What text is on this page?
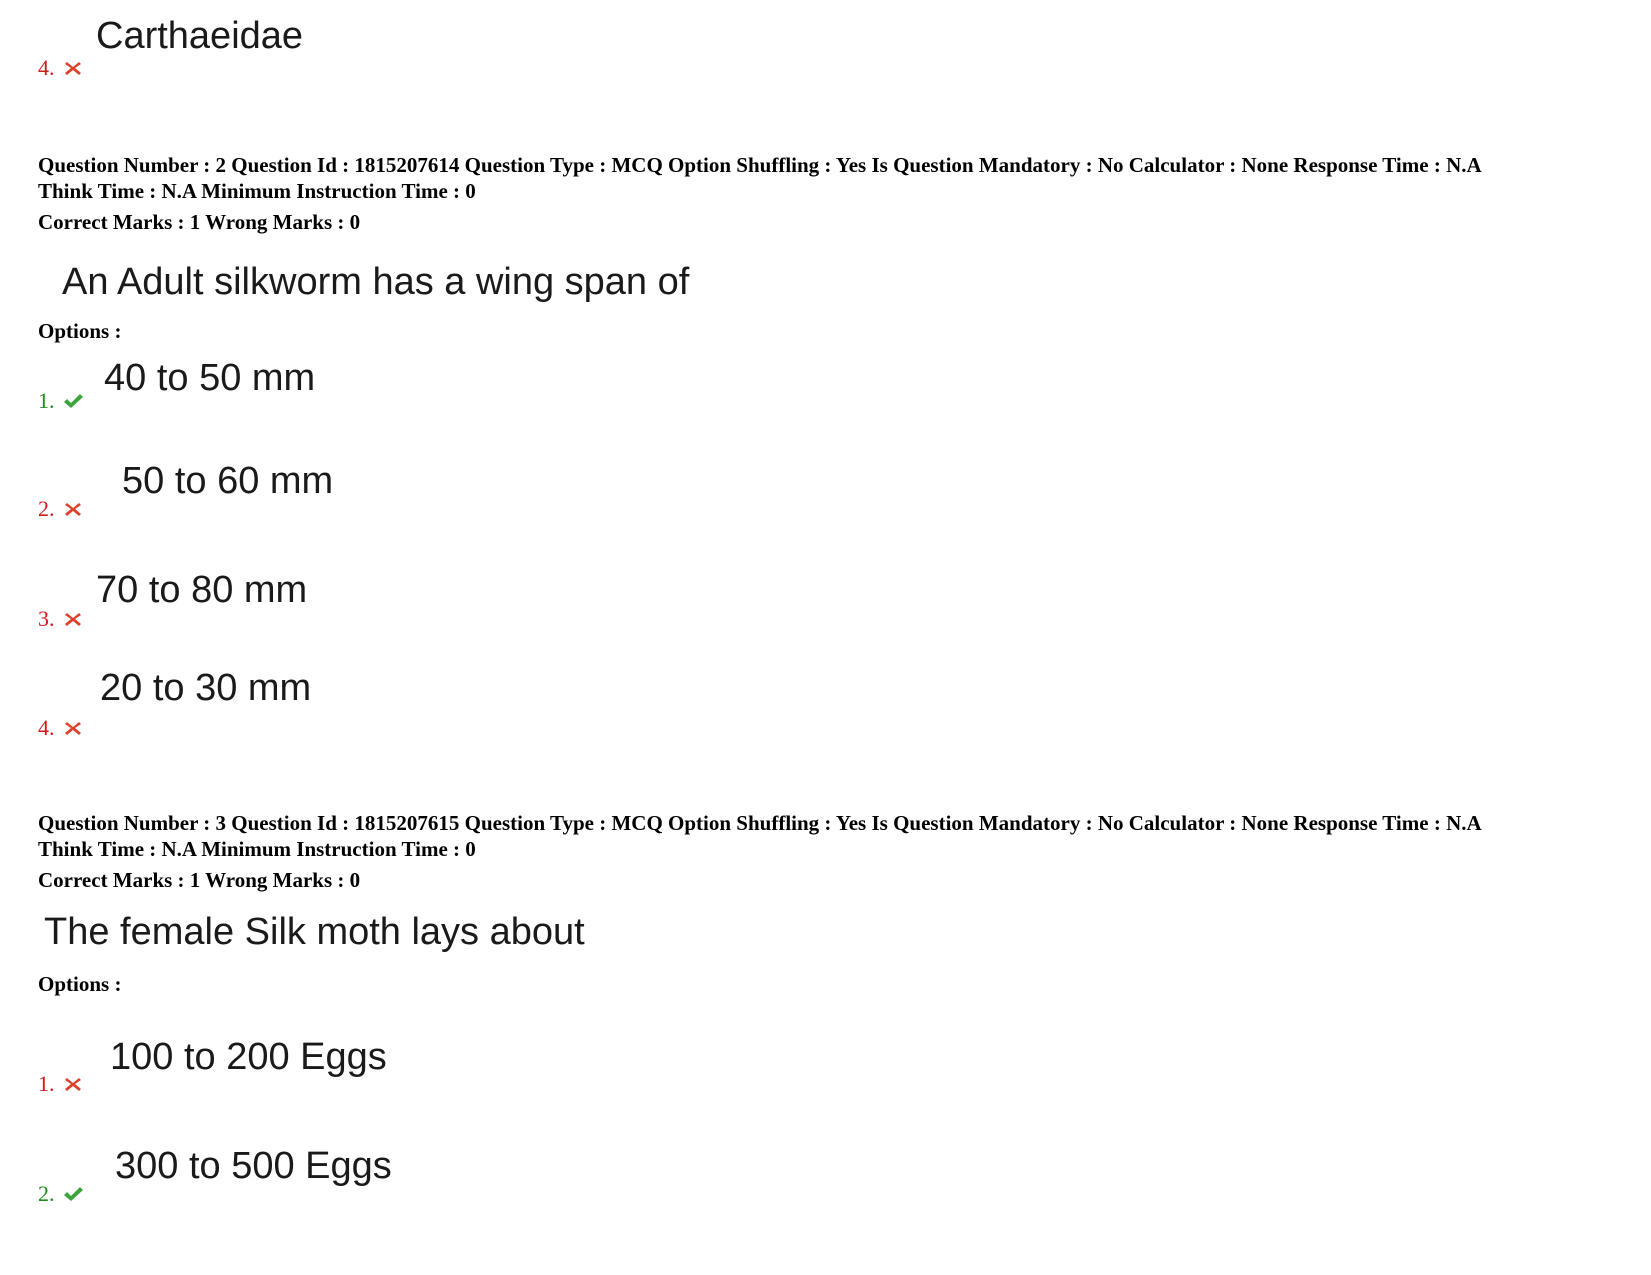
Carthaeidae
4.
Question Number : 2 Question Id : 1815207614 Question Type : MCQ Option Shuffling : Yes Is Question Mandatory : No Calculator : None Response Time : N.A
Think Time : N.A Minimum Instruction Time : 0
Correct Marks : 1 Wrong Marks : 0
An Adult silkworm has a wing span of
Options :
40 to 50 mm
1.
50 to 60 mm
2.
70 to 80 mm
3.
20 to 30 mm
4.
Question Number : 3 Question Id : 1815207615 Question Type : MCQ Option Shuffling : Yes Is Question Mandatory : No Calculator : None Response Time : N.A
Think Time : N.A Minimum Instruction Time : 0
Correct Marks : 1 Wrong Marks : 0
The female Silk moth lays about
Options :
100 to 200 Eggs
1.
300 to 500 Eggs
2.
